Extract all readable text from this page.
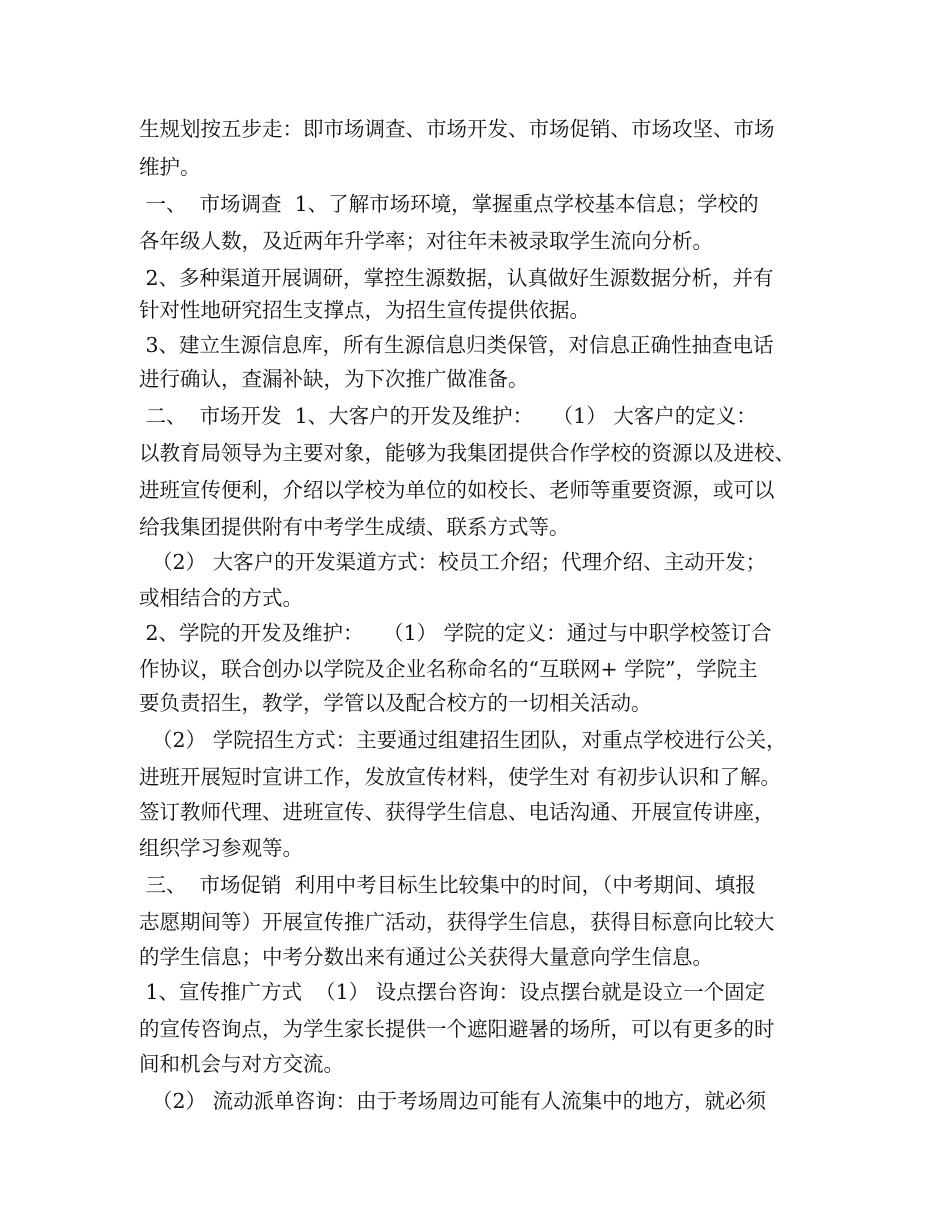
生规划按五步走：即市场调查、市场开发、市场促销、市场攻坚、市场
维护。
一、  市场调查  1、了解市场环境，掌握重点学校基本信息；学校的
各年级人数，及近两年升学率；对往年未被录取学生流向分析。
2、多种渠道开展调研，掌控生源数据，认真做好生源数据分析，并有
针对性地研究招生支撑点，为招生宣传提供依据。
3、建立生源信息库，所有生源信息归类保管，对信息正确性抽查电话
进行确认，查漏补缺，为下次推广做准备。
二、  市场开发  1、大客户的开发及维护：   （1） 大客户的定义：
以教育局领导为主要对象，能够为我集团提供合作学校的资源以及进校、
进班宣传便利，介绍以学校为单位的如校长、老师等重要资源，或可以
给我集团提供附有中考学生成绩、联系方式等。
（2） 大客户的开发渠道方式：校员工介绍；代理介绍、主动开发；
或相结合的方式。
2、学院的开发及维护：   （1） 学院的定义：通过与中职学校签订合
作协议，联合创办以学院及企业名称命名的“互联网+ 学院”，学院主
要负责招生，教学，学管以及配合校方的一切相关活动。
（2） 学院招生方式：主要通过组建招生团队，对重点学校进行公关，
进班开展短时宣讲工作，发放宣传材料，使学生对 有初步认识和了解。
签订教师代理、进班宣传、获得学生信息、电话沟通、开展宣传讲座，
组织学习参观等。
三、  市场促销  利用中考目标生比较集中的时间，（中考期间、填报
志愿期间等）开展宣传推广活动，获得学生信息，获得目标意向比较大
的学生信息；中考分数出来有通过公关获得大量意向学生信息。
1、宣传推广方式  （1） 设点摆台咨询：设点摆台就是设立一个固定
的宣传咨询点，为学生家长提供一个遮阳避暑的场所，可以有更多的时
间和机会与对方交流。
（2） 流动派单咨询：由于考场周边可能有人流集中的地方，就必须
